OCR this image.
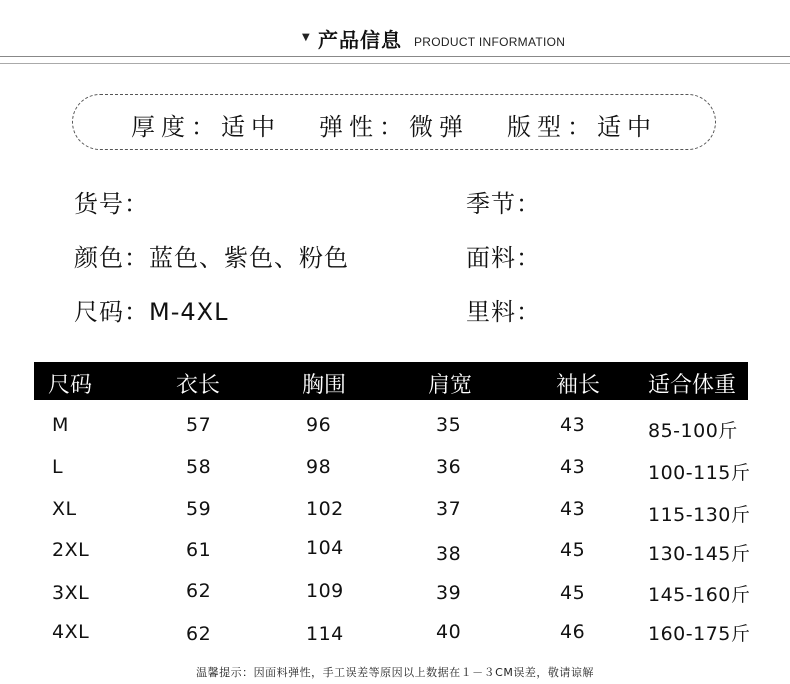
▼ 产品信息 PRODUCT INFORMATION
厚度：适中 弹性：微弹 版型：适中
货号：	季节：
颜色：蓝色、紫色、粉色	面料：
尺码：M-4XL	里料：
尺码	衣长	胸围	肩宽	袖长 适合体重
M	57	96	35	43	85-100斤
L	58	98	36	43	100-115斤
XL	59	102	37	43	115-130斤
2XL	61	104	38	45	130-145斤
3XL	62	109	39	45	145-160斤
4XL	62	114	40	46	160-175斤
温馨提示：因面料弹性，手工误差等原因以上数据在１－３CM误差，敬请谅解
